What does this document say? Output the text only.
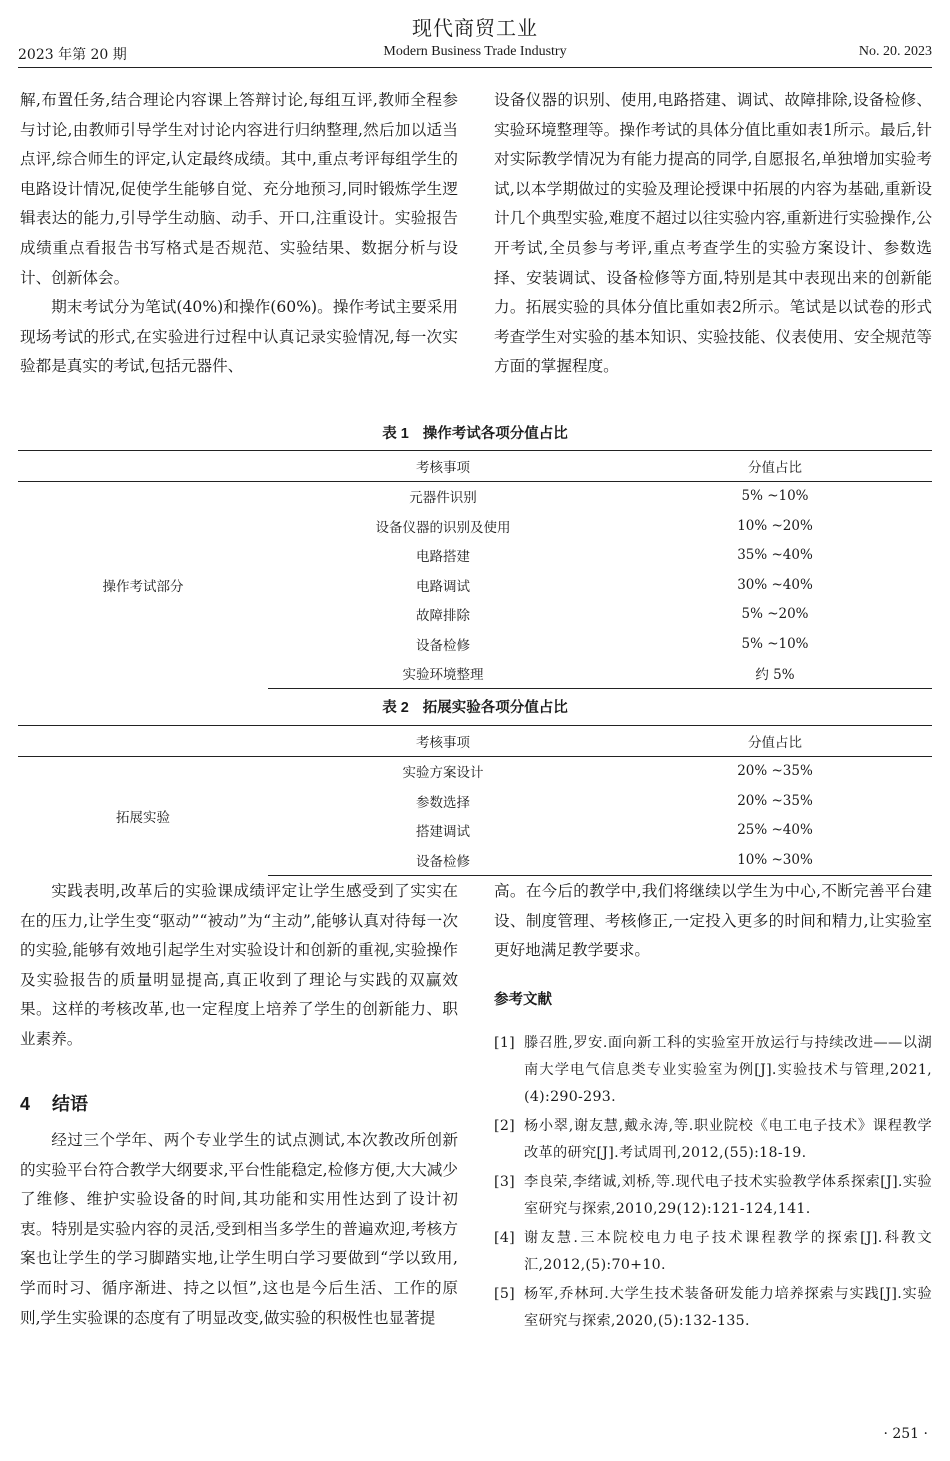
现代商贸工业
2023 年第 20 期	Modern Business Trade Industry	No. 20. 2023

解,布置任务,结合理论内容课上答辩讨论,每组互评,教师全程参与讨论,由教师引导学生对讨论内容进行归纳整理,然后加以适当点评,综合师生的评定,认定最终成绩。其中,重点考评每组学生的电路设计情况,促使学生能够自觉、充分地预习,同时锻炼学生逻辑表达的能力,引导学生动脑、动手、开口,注重设计。实验报告成绩重点看报告书写格式是否规范、实验结果、数据分析与设计、创新体会。

期末考试分为笔试(40%)和操作(60%)。操作考试主要采用现场考试的形式,在实验进行过程中认真记录实验情况,每一次实验都是真实的考试,包括元器件、

设备仪器的识别、使用,电路搭建、调试、故障排除,设备检修、实验环境整理等。操作考试的具体分值比重如表1所示。最后,针对实际教学情况为有能力提高的同学,自愿报名,单独增加实验考试,以本学期做过的实验及理论授课中拓展的内容为基础,重新设计几个典型实验,难度不超过以往实验内容,重新进行实验操作,公开考试,全员参与考评,重点考查学生的实验方案设计、参数选择、安装调试、设备检修等方面,特别是其中表现出来的创新能力。拓展实验的具体分值比重如表2所示。笔试是以试卷的形式考查学生对实验的基本知识、实验技能、仪表使用、安全规范等方面的掌握程度。

表 1 操作考试各项分值占比
	考核事项	分值占比
操作考试部分	元器件识别	5% ~10%
	设备仪器的识别及使用	10% ~20%
	电路搭建	35% ~40%
	电路调试	30% ~40%
	故障排除	5% ~20%
	设备检修	5% ~10%
	实验环境整理	约 5%
表 2 拓展实验各项分值占比
	考核事项	分值占比
拓展实验	实验方案设计	20% ~35%
	参数选择	20% ~35%
	搭建调试	25% ~40%
	设备检修	10% ~30%

实践表明,改革后的实验课成绩评定让学生感受到了实实在在的压力,让学生变“驱动”“被动”为“主动”,能够认真对待每一次的实验,能够有效地引起学生对实验设计和创新的重视,实验操作及实验报告的质量明显提高,真正收到了理论与实践的双赢效果。这样的考核改革,也一定程度上培养了学生的创新能力、职业素养。

4 结语

经过三个学年、两个专业学生的试点测试,本次教改所创新的实验平台符合教学大纲要求,平台性能稳定,检修方便,大大减少了维修、维护实验设备的时间,其功能和实用性达到了设计初衷。特别是实验内容的灵活,受到相当多学生的普遍欢迎,考核方案也让学生的学习脚踏实地,让学生明白学习要做到“学以致用,学而时习、循序渐进、持之以恒”,这也是今后生活、工作的原则,学生实验课的态度有了明显改变,做实验的积极性也显著提

高。在今后的教学中,我们将继续以学生为中心,不断完善平台建设、制度管理、考核修正,一定投入更多的时间和精力,让实验室更好地满足教学要求。

参考文献
[1] 滕召胜,罗安.面向新工科的实验室开放运行与持续改进——以湖南大学电气信息类专业实验室为例[J].实验技术与管理,2021,(4):290-293.
[2] 杨小翠,谢友慧,戴永涛,等.职业院校《电工电子技术》课程教学改革的研究[J].考试周刊,2012,(55):18-19.
[3] 李良荣,李绪诚,刘桥,等.现代电子技术实验教学体系探索[J].实验室研究与探索,2010,29(12):121-124,141.
[4] 谢友慧.三本院校电力电子技术课程教学的探索[J].科教文汇,2012,(5):70+10.
[5] 杨军,乔林珂.大学生技术装备研发能力培养探索与实践[J].实验室研究与探索,2020,(5):132-135.
· 251 ·
